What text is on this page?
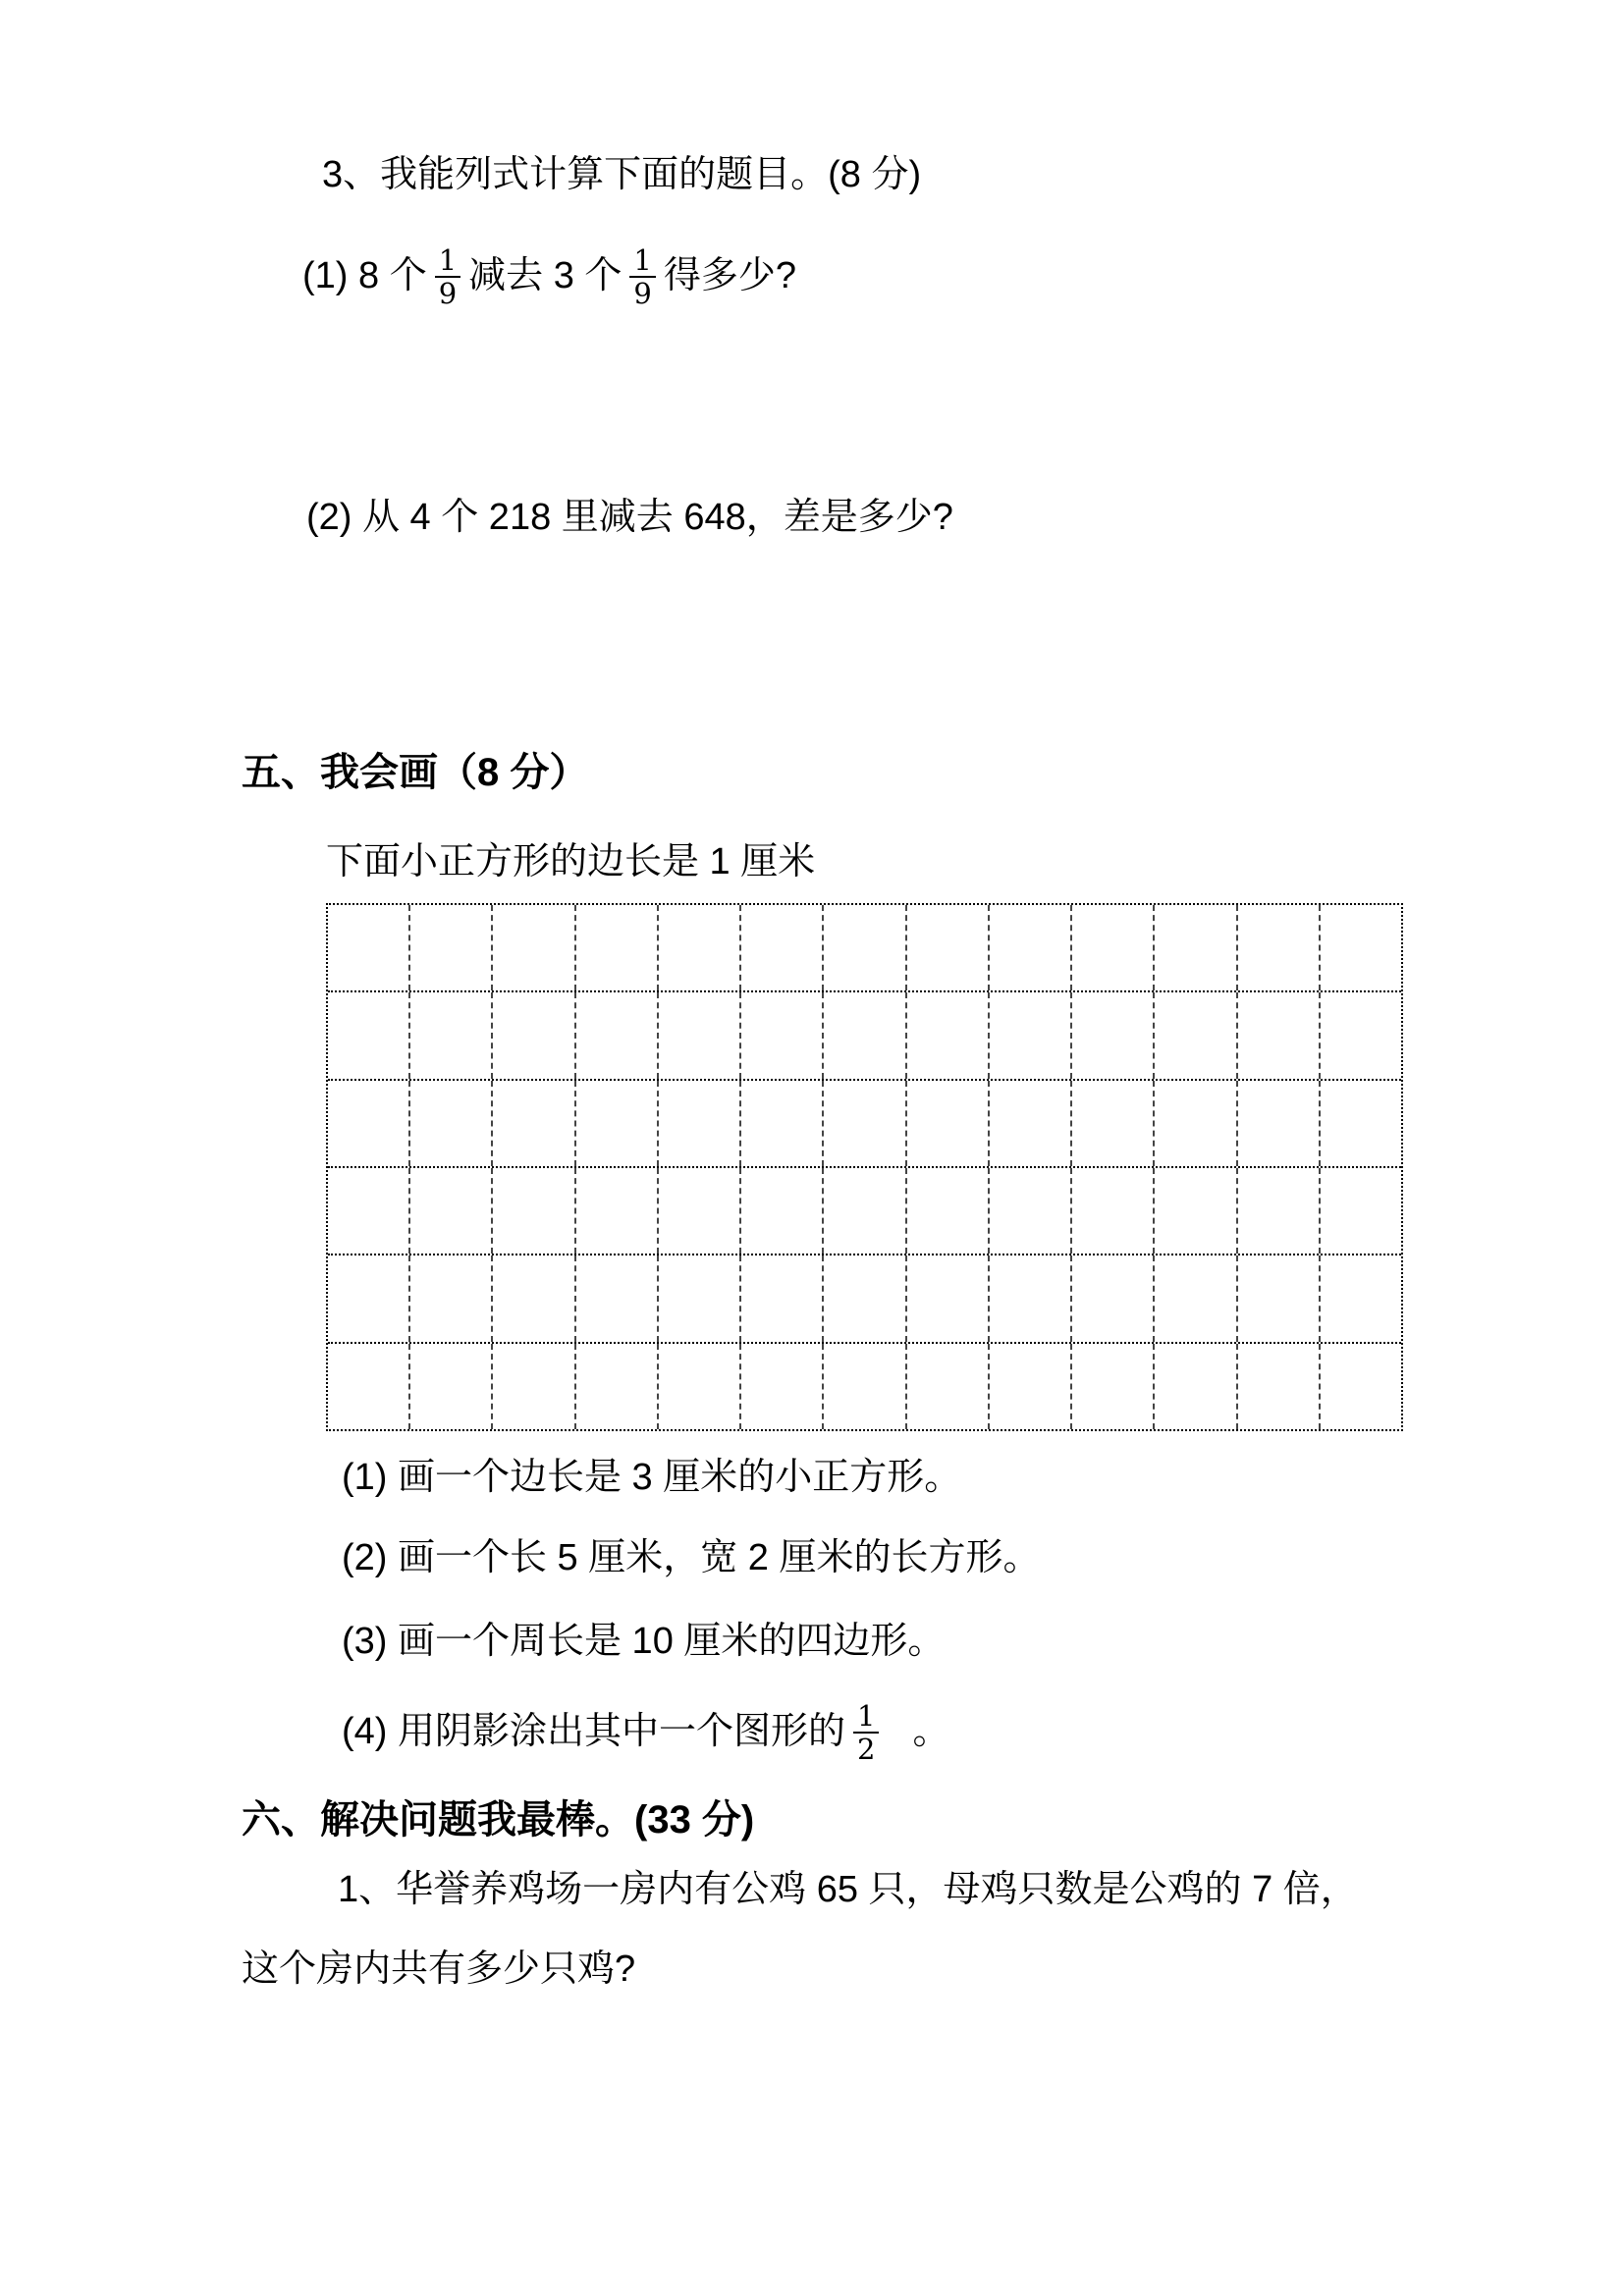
3、我能列式计算下面的题目。(8 分)
(1) 8 个 $\frac{1}{9}$ 减去 3 个 $\frac{1}{9}$ 得多少?
(2) 从 4 个 218 里减去 648，差是多少?
五、我会画（8 分）
下面小正方形的边长是 1 厘米
(1) 画一个边长是 3 厘米的小正方形。
(2) 画一个长 5 厘米，宽 2 厘米的长方形。
(3) 画一个周长是 10 厘米的四边形。
(4) 用阴影涂出其中一个图形的 $\frac{1}{2}$ 。
六、解决问题我最棒。(33 分)
1、华誉养鸡场一房内有公鸡 65 只，母鸡只数是公鸡的 7 倍，
这个房内共有多少只鸡?
